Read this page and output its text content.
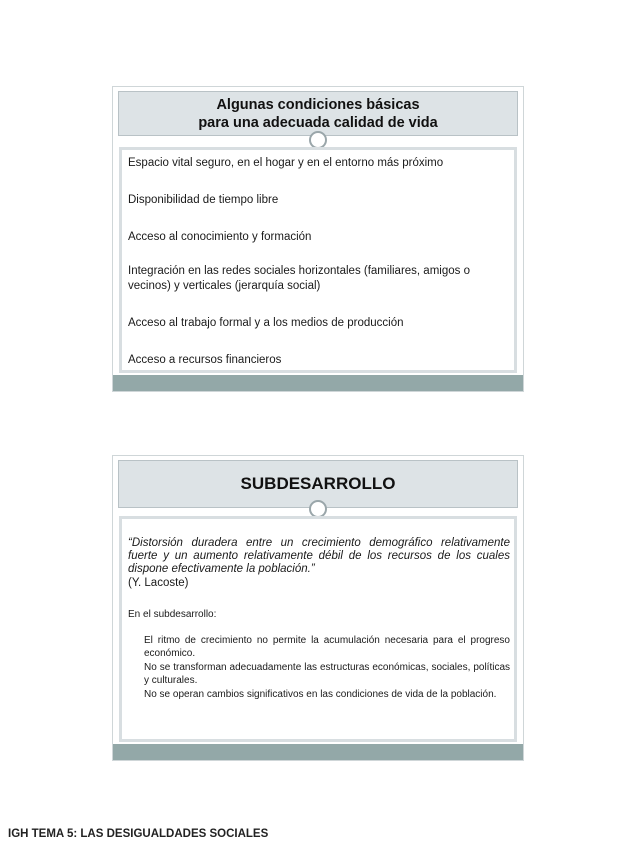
Algunas condiciones básicas
para una adecuada calidad de vida
Espacio vital seguro, en el hogar y en el entorno más próximo
Disponibilidad de tiempo libre
Acceso al conocimiento y formación
Integración en las redes sociales horizontales (familiares, amigos o vecinos) y verticales (jerarquía social)
Acceso al trabajo formal y a los medios de producción
Acceso a recursos financieros
SUBDESARROLLO
“Distorsión duradera entre un crecimiento demográfico relativamente fuerte y un aumento relativamente débil de los recursos de los cuales dispone efectivamente la población.”
(Y. Lacoste)
En el subdesarrollo:
El ritmo de crecimiento no permite la acumulación necesaria para el progreso económico.
No se transforman adecuadamente las estructuras económicas, sociales, políticas y culturales.
No se operan cambios significativos en las condiciones de vida de la población.
IGH TEMA 5: LAS DESIGUALDADES SOCIALES
